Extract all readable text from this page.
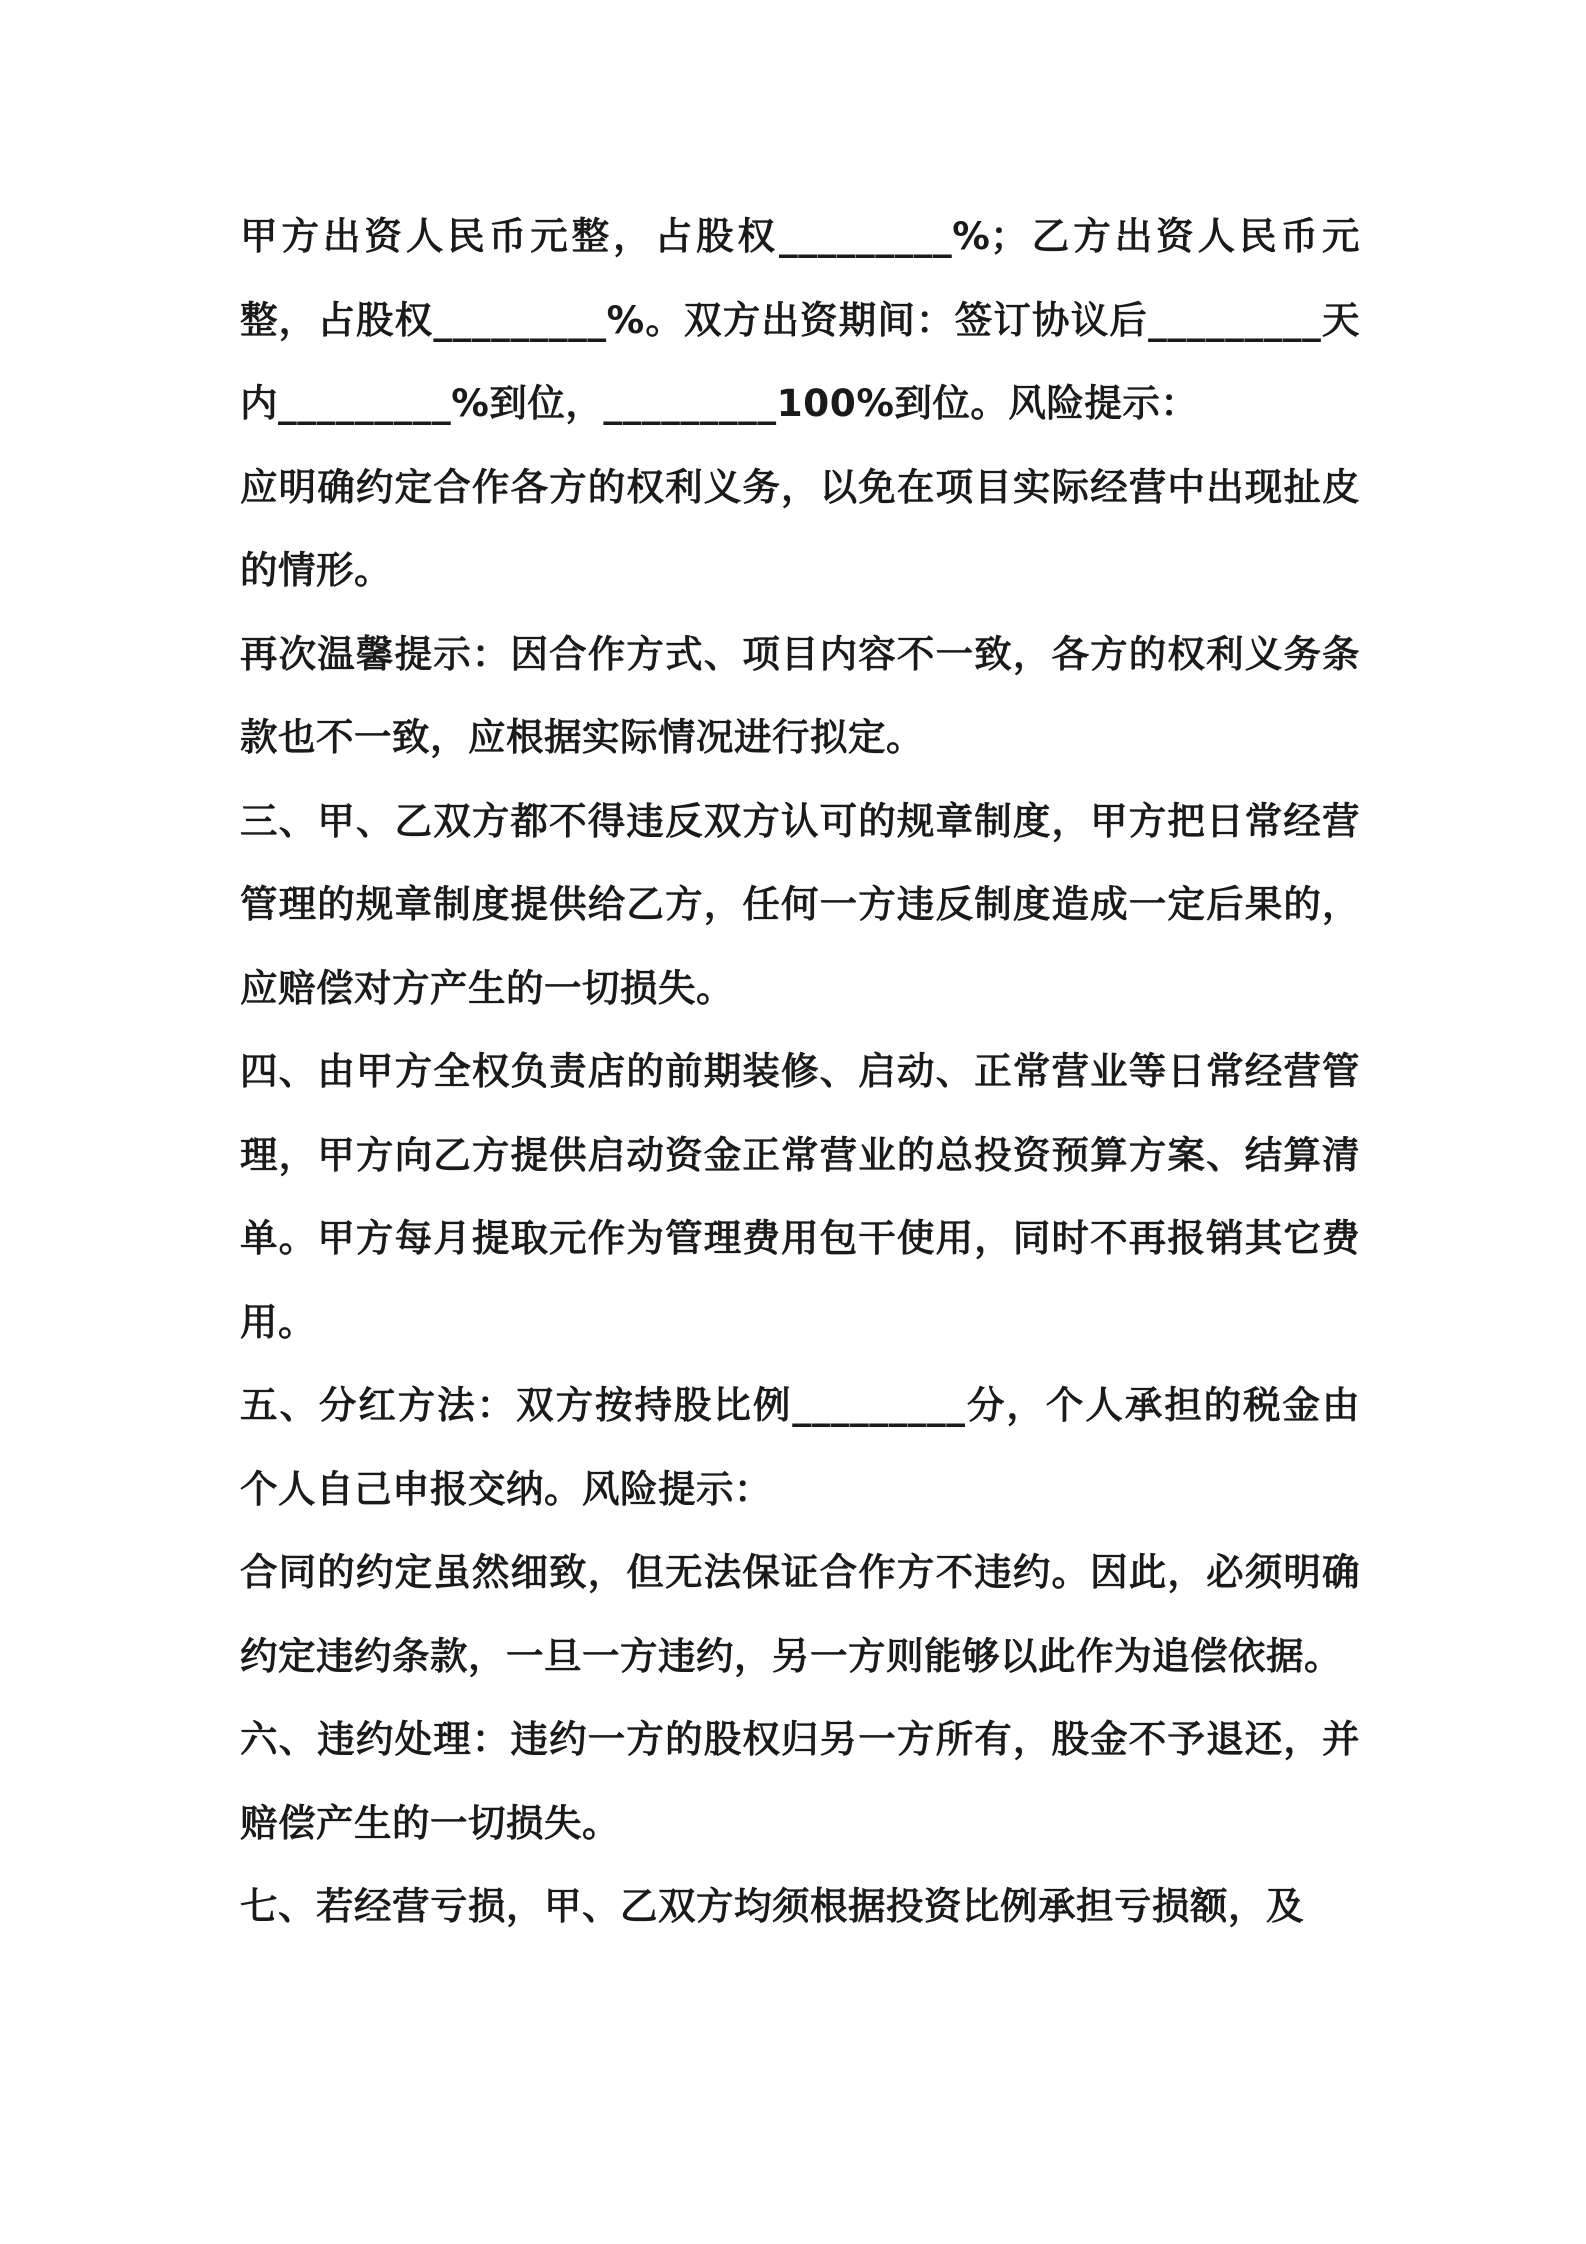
甲方出资人民币元整，占股权_________%；乙方出资人民币元整，占股权_________%。双方出资期间：签订协议后_________天内_________%到位，_________100%到位。风险提示：

应明确约定合作各方的权利义务，以免在项目实际经营中出现扯皮的情形。

再次温馨提示：因合作方式、项目内容不一致，各方的权利义务条款也不一致，应根据实际情况进行拟定。

三、甲、乙双方都不得违反双方认可的规章制度，甲方把日常经营管理的规章制度提供给乙方，任何一方违反制度造成一定后果的，应赔偿对方产生的一切损失。

四、由甲方全权负责店的前期装修、启动、正常营业等日常经营管理，甲方向乙方提供启动资金正常营业的总投资预算方案、结算清单。甲方每月提取元作为管理费用包干使用，同时不再报销其它费用。

五、分红方法：双方按持股比例_________分，个人承担的税金由个人自己申报交纳。风险提示：

合同的约定虽然细致，但无法保证合作方不违约。因此，必须明确约定违约条款，一旦一方违约，另一方则能够以此作为追偿依据。

六、违约处理：违约一方的股权归另一方所有，股金不予退还，并赔偿产生的一切损失。

七、若经营亏损，甲、乙双方均须根据投资比例承担亏损额，及
